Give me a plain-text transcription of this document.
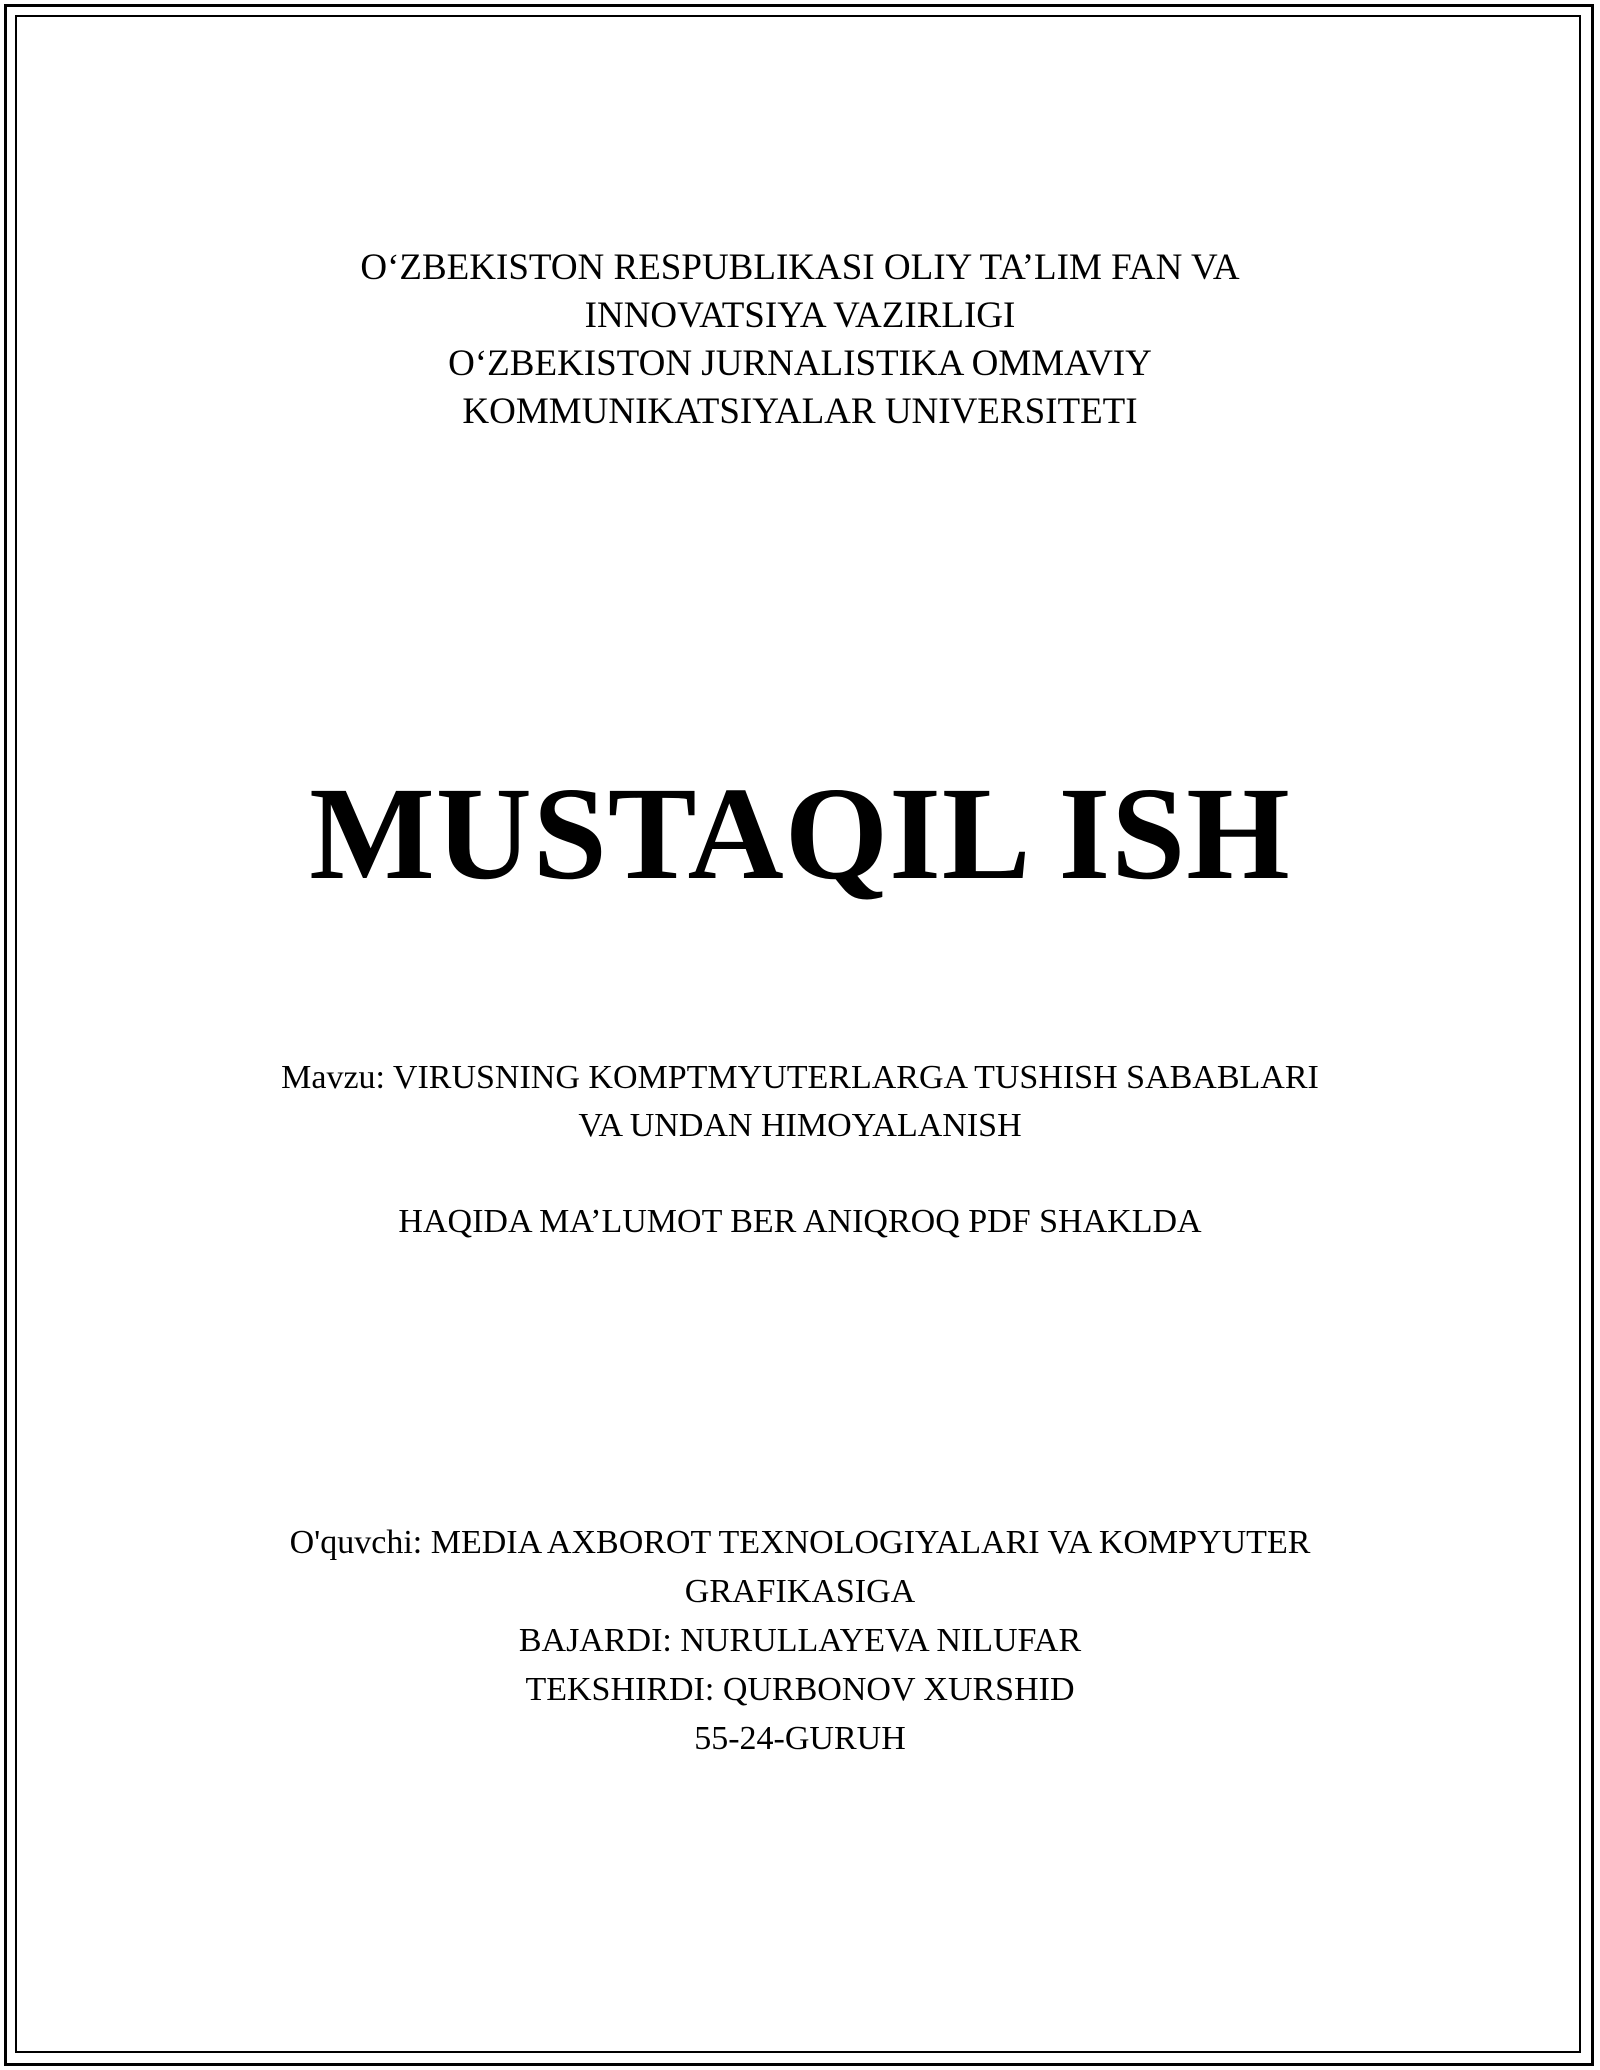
O‘ZBEKISTON RESPUBLIKASI OLIY TA’LIM FAN VA
INNOVATSIYA VAZIRLIGI
O‘ZBEKISTON JURNALISTIKA OMMAVIY
KOMMUNIKATSIYALAR UNIVERSITETI
MUSTAQIL ISH
Mavzu: VIRUSNING KOMPTMYUTERLARGA TUSHISH SABABLARI
VA UNDAN HIMOYALANISH
HAQIDA MA’LUMOT BER ANIQROQ PDF SHAKLDA
O'quvchi: MEDIA AXBOROT TEXNOLOGIYALARI VA KOMPYUTER
GRAFIKASIGA
BAJARDI: NURULLAYEVA NILUFAR
TEKSHIRDI: QURBONOV XURSHID
55-24-GURUH
